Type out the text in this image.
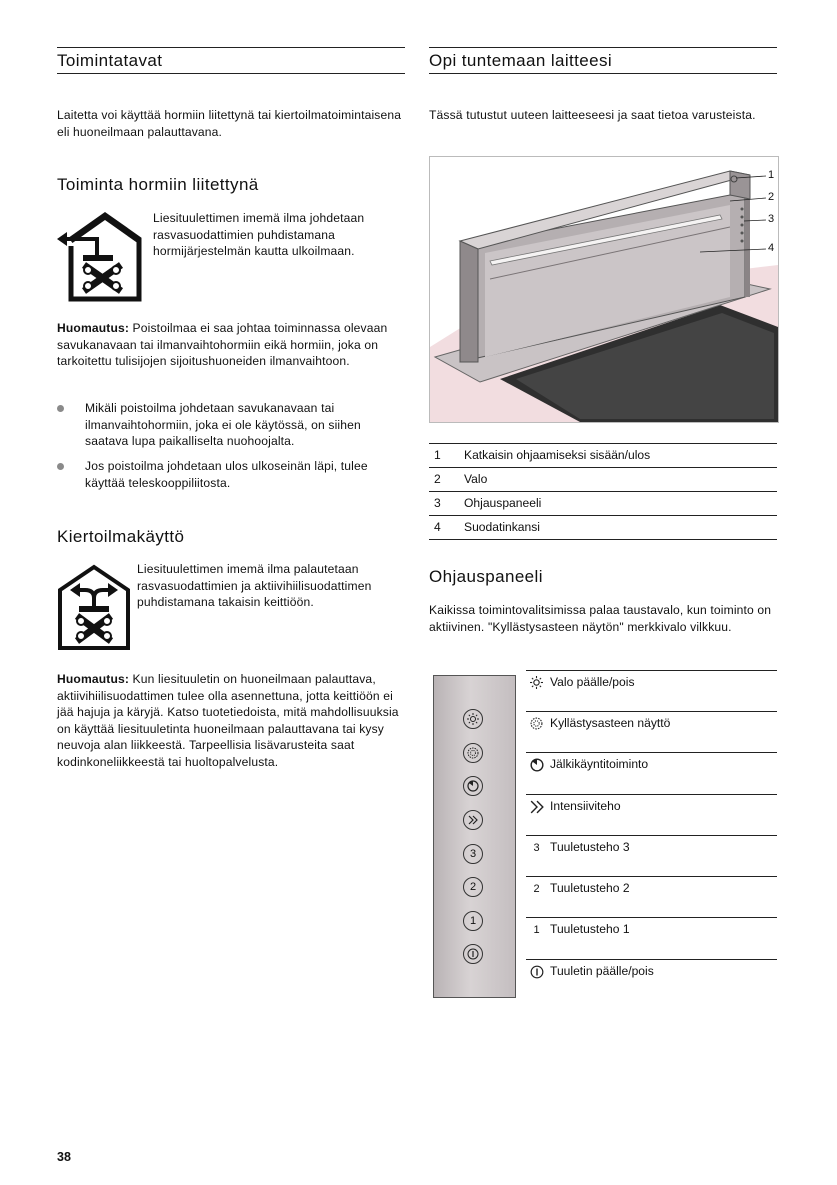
Toimintatavat
Laitetta voi käyttää hormiin liitettynä tai kiertoilmatoimintaisena eli huoneilmaan palauttavana.
Toiminta hormiin liitettynä
Liesituulettimen imemä ilma johdetaan rasvasuodattimien puhdistamana hormijärjestelmän kautta ulkoilmaan.
Huomautus: Poistoilmaa ei saa johtaa toiminnassa olevaan savukanavaan tai ilmanvaihtohormiin eikä hormiin, joka on tarkoitettu tulisijojen sijoitushuoneiden ilmanvaihtoon.
Mikäli poistoilma johdetaan savukanavaan tai ilmanvaihtohormiin, joka ei ole käytössä, on siihen saatava lupa paikalliselta nuohoojalta.
Jos poistoilma johdetaan ulos ulkoseinän läpi, tulee käyttää teleskooppiliitosta.
Kiertoilmakäyttö
Liesituulettimen imemä ilma palautetaan rasvasuodattimien ja aktiivihiilisuodattimen puhdistamana takaisin keittiöön.
Huomautus: Kun liesituuletin on huoneilmaan palauttava, aktiivihiilisuodattimen tulee olla asennettuna, jotta keittiöön ei jää hajuja ja käryjä. Katso tuotetiedoista, mitä mahdollisuuksia on käyttää liesituuletinta huoneilmaan palauttavana tai kysy neuvoja alan liikkeestä. Tarpeellisia lisävarusteita saat kodinkoneliikkeestä tai huoltopalvelusta.
Opi tuntemaan laitteesi
Tässä tutustut uuteen laitteeseesi ja saat tietoa varusteista.
1
2
3
4
1 Katkaisin ohjaamiseksi sisään/ulos
2 Valo
3 Ohjauspaneeli
4 Suodatinkansi
Ohjauspaneeli
Kaikissa toimintovalitsimissa palaa taustavalo, kun toiminto on aktiivinen. "Kyllästysasteen näytön" merkkivalo vilkkuu.
3
2
1
Valo päälle/pois
Kyllästysasteen näyttö
Jälkikäyntitoiminto
Intensiiviteho
3 Tuuletusteho 3
2 Tuuletusteho 2
1 Tuuletusteho 1
Tuuletin päälle/pois
38
